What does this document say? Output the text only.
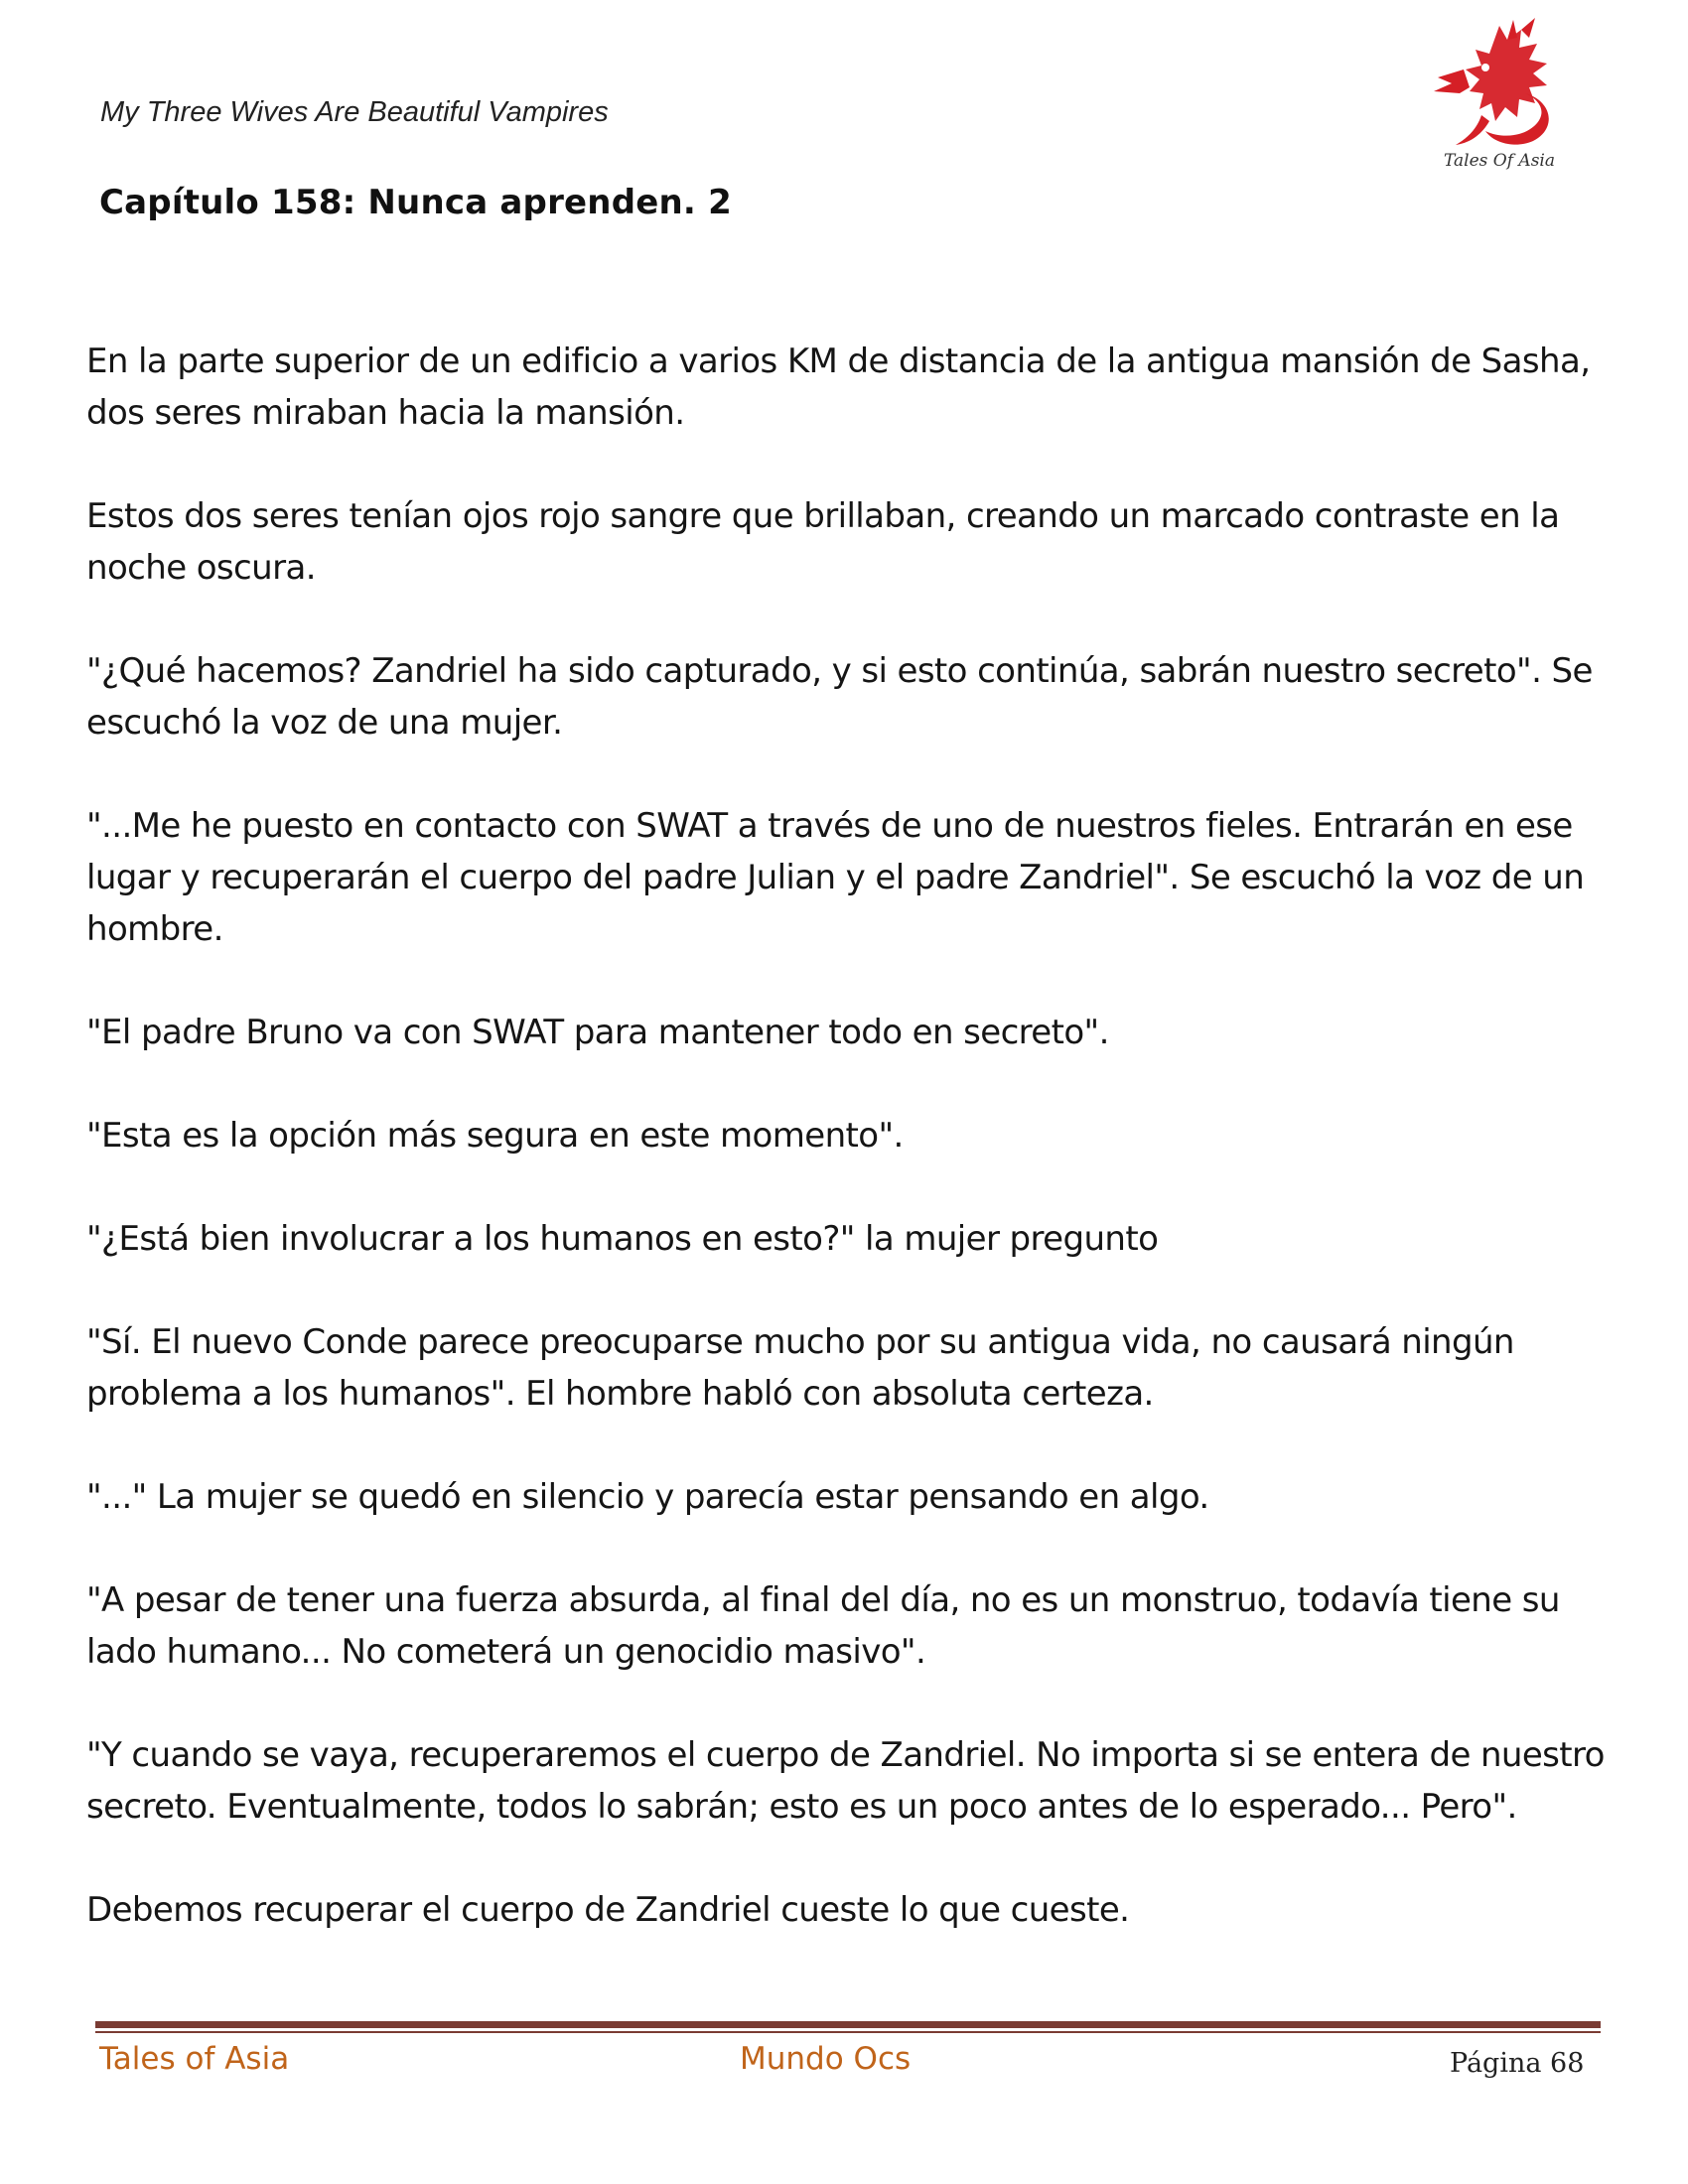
My Three Wives Are Beautiful Vampires
Tales Of Asia
Capítulo 158: Nunca aprenden. 2

En la parte superior de un edificio a varios KM de distancia de la antigua mansión de Sasha, dos seres miraban hacia la mansión.

Estos dos seres tenían ojos rojo sangre que brillaban, creando un marcado contraste en la noche oscura.

"¿Qué hacemos? Zandriel ha sido capturado, y si esto continúa, sabrán nuestro secreto". Se escuchó la voz de una mujer.

"...Me he puesto en contacto con SWAT a través de uno de nuestros fieles. Entrarán en ese lugar y recuperarán el cuerpo del padre Julian y el padre Zandriel". Se escuchó la voz de un hombre.

"El padre Bruno va con SWAT para mantener todo en secreto".

"Esta es la opción más segura en este momento".

"¿Está bien involucrar a los humanos en esto?" la mujer pregunto

"Sí. El nuevo Conde parece preocuparse mucho por su antigua vida, no causará ningún problema a los humanos". El hombre habló con absoluta certeza.

"..." La mujer se quedó en silencio y parecía estar pensando en algo.

"A pesar de tener una fuerza absurda, al final del día, no es un monstruo, todavía tiene su lado humano... No cometerá un genocidio masivo".

"Y cuando se vaya, recuperaremos el cuerpo de Zandriel. No importa si se entera de nuestro secreto. Eventualmente, todos lo sabrán; esto es un poco antes de lo esperado... Pero".

Debemos recuperar el cuerpo de Zandriel cueste lo que cueste.

Tales of Asia	Mundo Ocs	Página 68
